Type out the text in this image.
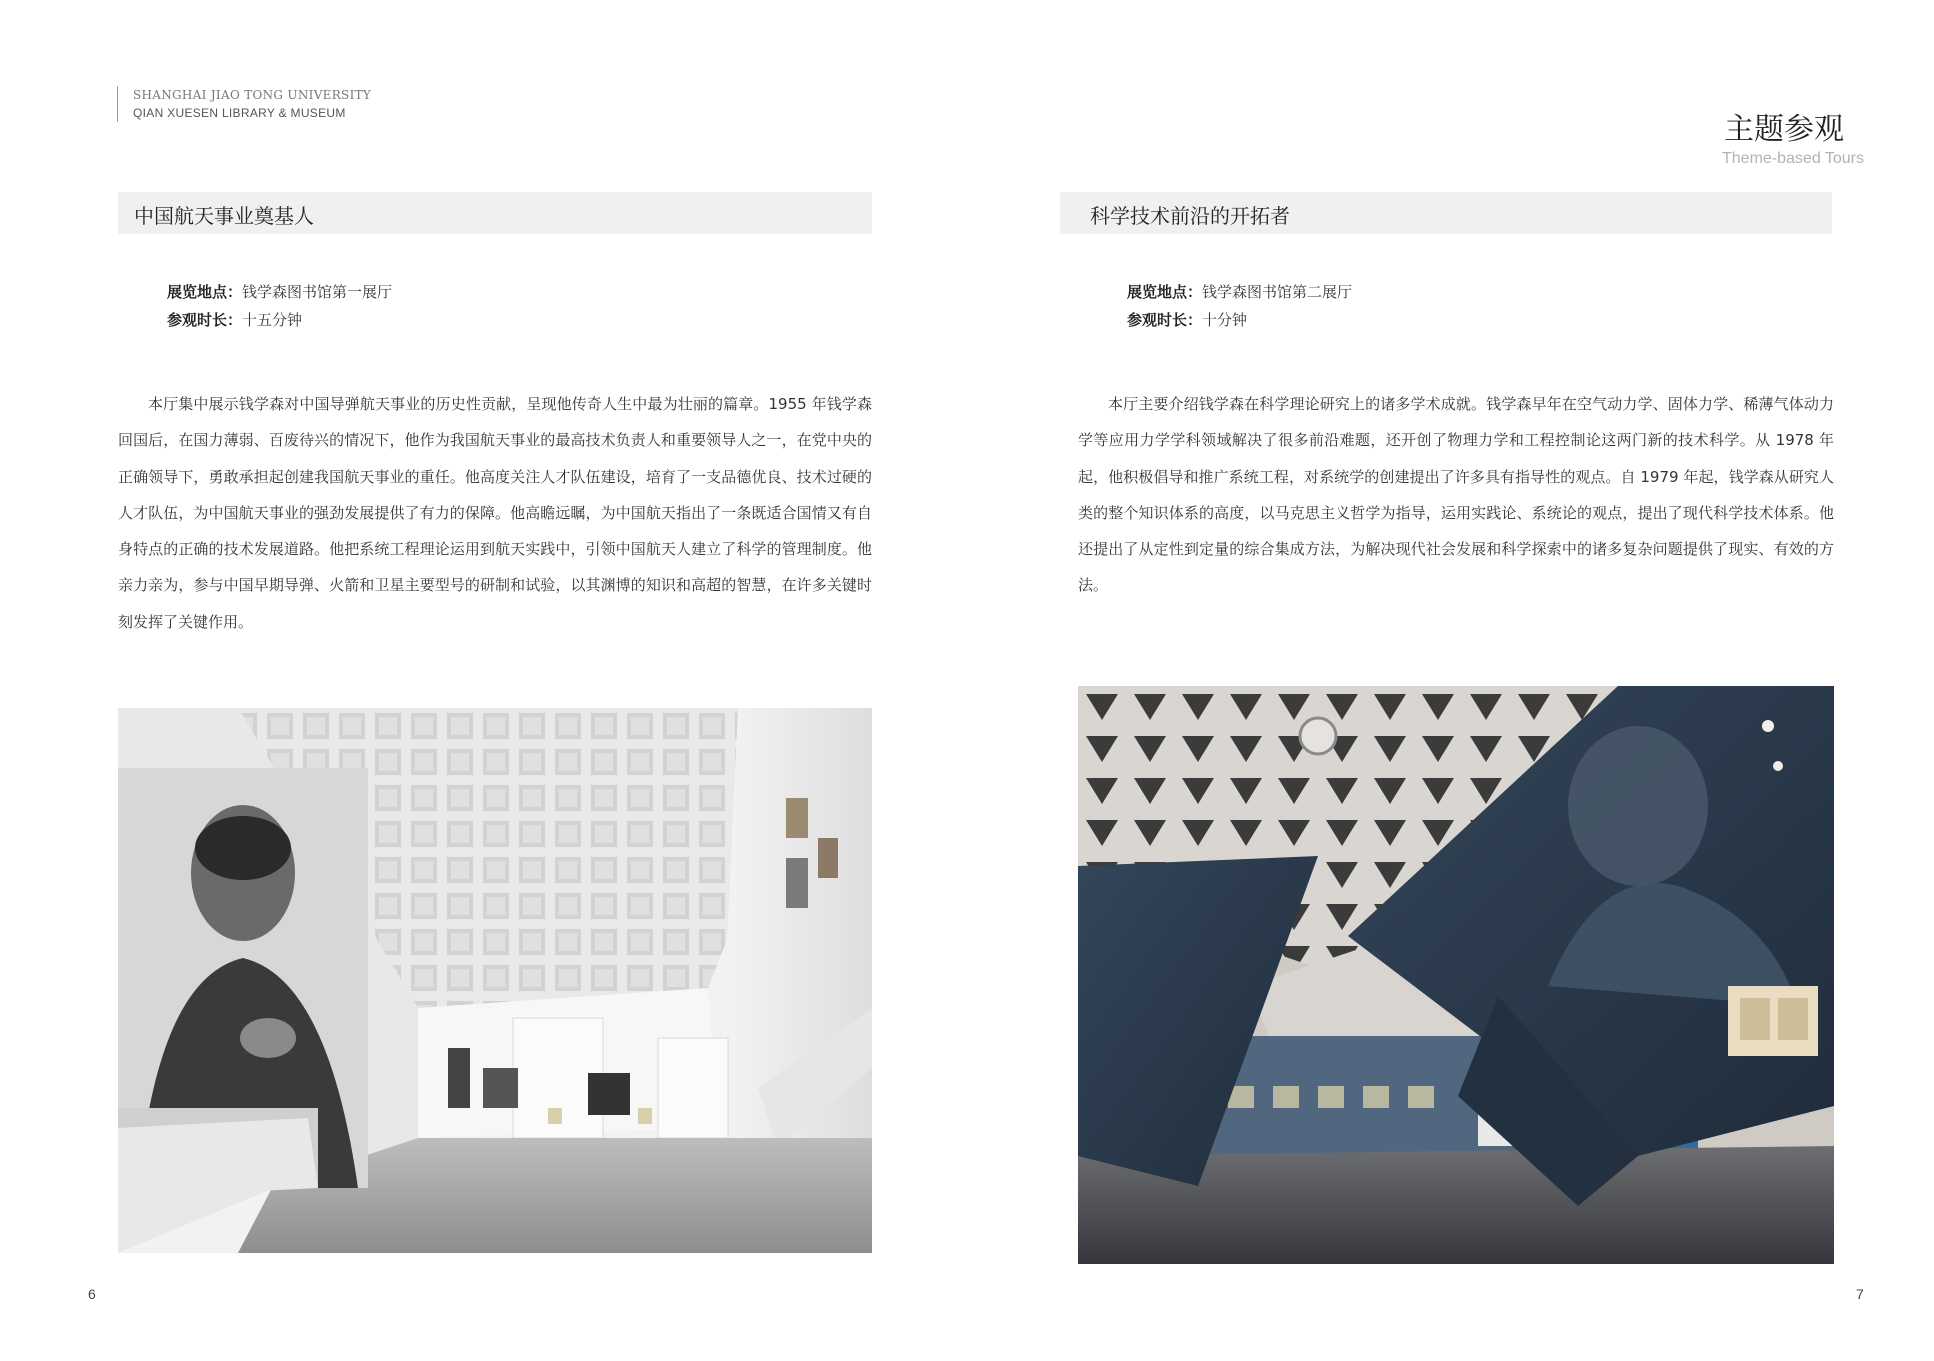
SHANGHAI JIAO TONG UNIVERSITY
QIAN XUESEN LIBRARY & MUSEUM	主题参观
Theme-based Tours
中国航天事业奠基人
展览地点：钱学森图书馆第一展厅
参观时长：十五分钟
本厅集中展示钱学森对中国导弹航天事业的历史性贡献，呈现他传奇人生中最为壮丽的篇章。1955 年钱学森回国后，在国力薄弱、百废待兴的情况下，他作为我国航天事业的最高技术负责人和重要领导人之一，在党中央的正确领导下，勇敢承担起创建我国航天事业的重任。他高度关注人才队伍建设，培育了一支品德优良、技术过硬的人才队伍，为中国航天事业的强劲发展提供了有力的保障。他高瞻远瞩，为中国航天指出了一条既适合国情又有自身特点的正确的技术发展道路。他把系统工程理论运用到航天实践中，引领中国航天人建立了科学的管理制度。他亲力亲为，参与中国早期导弹、火箭和卫星主要型号的研制和试验，以其渊博的知识和高超的智慧，在许多关键时刻发挥了关键作用。
6
科学技术前沿的开拓者
展览地点：钱学森图书馆第二展厅
参观时长：十分钟
本厅主要介绍钱学森在科学理论研究上的诸多学术成就。钱学森早年在空气动力学、固体力学、稀薄气体动力学等应用力学学科领域解决了很多前沿难题，还开创了物理力学和工程控制论这两门新的技术科学。从 1978 年起，他积极倡导和推广系统工程，对系统学的创建提出了许多具有指导性的观点。自 1979 年起，钱学森从研究人类的整个知识体系的高度，以马克思主义哲学为指导，运用实践论、系统论的观点，提出了现代科学技术体系。他还提出了从定性到定量的综合集成方法，为解决现代社会发展和科学探索中的诸多复杂问题提供了现实、有效的方法。
7
